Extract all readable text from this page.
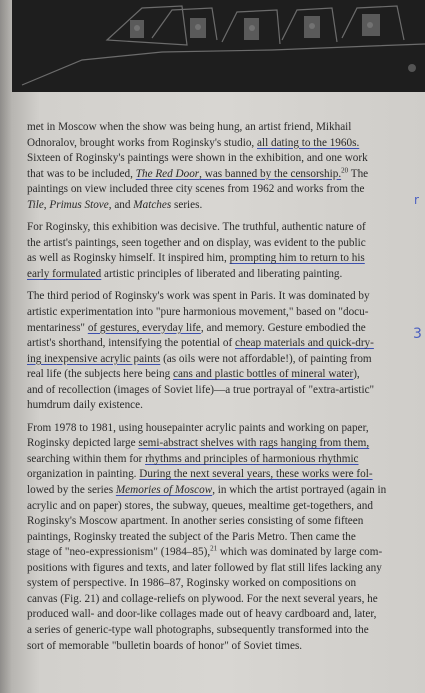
met in Moscow when the show was being hung, an artist friend, Mikhail
Odnoralov, brought works from Roginsky's studio, all dating to the 1960s.
Sixteen of Roginsky's paintings were shown in the exhibition, and one work
that was to be included, The Red Door, was banned by the censorship.$^{20}$ The
paintings on view included three city scenes from 1962 and works from the
Tile, Primus Stove, and Matches series.

For Roginsky, this exhibition was decisive. The truthful, authentic nature of
the artist's paintings, seen together and on display, was evident to the public
as well as Roginsky himself. It inspired him, prompting him to return to his
early formulated artistic principles of liberated and liberating painting.

The third period of Roginsky's work was spent in Paris. It was dominated by
artistic experimentation into "pure harmonious movement," based on "docu-
mentariness" of gestures, everyday life, and memory. Gesture embodied the
artist's shorthand, intensifying the potential of cheap materials and quick-dry-
ing inexpensive acrylic paints (as oils were not affordable!), of painting from
real life (the subjects here being cans and plastic bottles of mineral water),
and of recollection (images of Soviet life)—a true portrayal of "extra-artistic"
humdrum daily existence.

From 1978 to 1981, using housepainter acrylic paints and working on paper,
Roginsky depicted large semi-abstract shelves with rags hanging from them,
searching within them for rhythms and principles of harmonious rhythmic
organization in painting. During the next several years, these works were fol-
lowed by the series Memories of Moscow, in which the artist portrayed (again in
acrylic and on paper) stores, the subway, queues, mealtime get-togethers, and
Roginsky's Moscow apartment. In another series consisting of some fifteen
paintings, Roginsky treated the subject of the Paris Metro. Then came the
stage of "neo-expressionism" (1984–85),$^{21}$ which was dominated by large com-
positions with figures and texts, and later followed by flat still lifes lacking any
system of perspective. In 1986–87, Roginsky worked on compositions on
canvas (Fig. 21) and collage-reliefs on plywood. For the next several years, he
produced wall- and door-like collages made out of heavy cardboard and, later,
a series of generic-type wall photographs, subsequently transformed into the
sort of memorable "bulletin boards of honor" of Soviet times.

r
3
